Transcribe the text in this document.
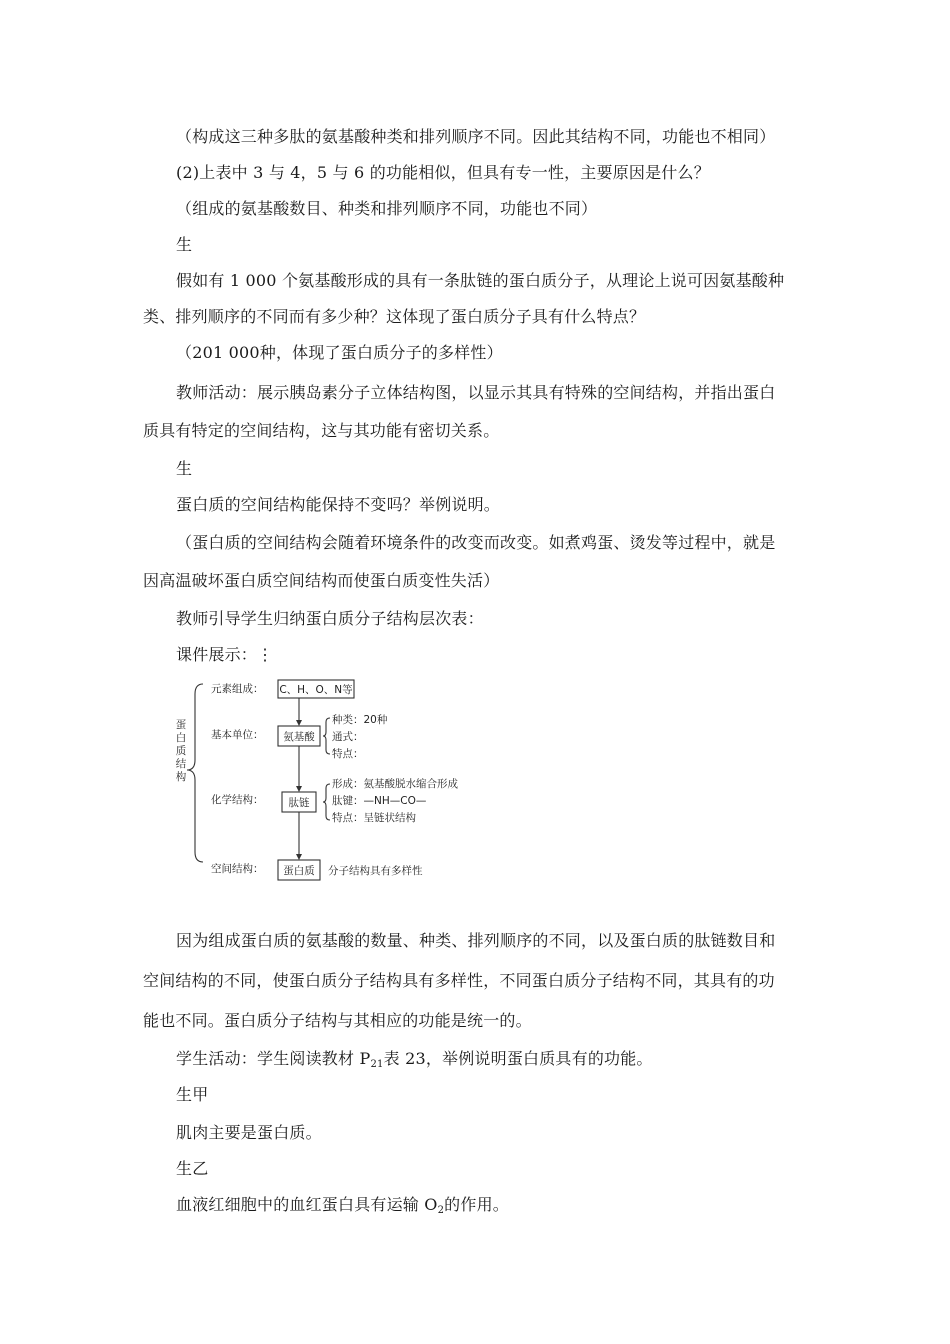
（构成这三种多肽的氨基酸种类和排列顺序不同。因此其结构不同，功能也不相同）
(2)上表中 3 与 4，5 与 6 的功能相似，但具有专一性，主要原因是什么？
（组成的氨基酸数目、种类和排列顺序不同，功能也不同）
生
假如有 1 000 个氨基酸形成的具有一条肽链的蛋白质分子，从理论上说可因氨基酸种
类、排列顺序的不同而有多少种？这体现了蛋白质分子具有什么特点？
（201 000种，体现了蛋白质分子的多样性）
教师活动：展示胰岛素分子立体结构图，以显示其具有特殊的空间结构，并指出蛋白
质具有特定的空间结构，这与其功能有密切关系。
生
蛋白质的空间结构能保持不变吗？举例说明。
（蛋白质的空间结构会随着环境条件的改变而改变。如煮鸡蛋、烫发等过程中，就是
因高温破坏蛋白质空间结构而使蛋白质变性失活）
教师引导学生归纳蛋白质分子结构层次表：
课件展示：⋮
蛋白质结构
元素组成：
基本单位：
化学结构：
空间结构：
C、H、O、N等
氨基酸
肽链
蛋白质
种类：20种
通式：
特点：
形成：氨基酸脱水缩合形成
肽键：—NH—CO—
特点：呈链状结构
分子结构具有多样性
因为组成蛋白质的氨基酸的数量、种类、排列顺序的不同，以及蛋白质的肽链数目和
空间结构的不同，使蛋白质分子结构具有多样性，不同蛋白质分子结构不同，其具有的功
能也不同。蛋白质分子结构与其相应的功能是统一的。
学生活动：学生阅读教材 $P_{21}$表 23，举例说明蛋白质具有的功能。
生甲
肌肉主要是蛋白质。
生乙
血液红细胞中的血红蛋白具有运输 $O_2$的作用。
